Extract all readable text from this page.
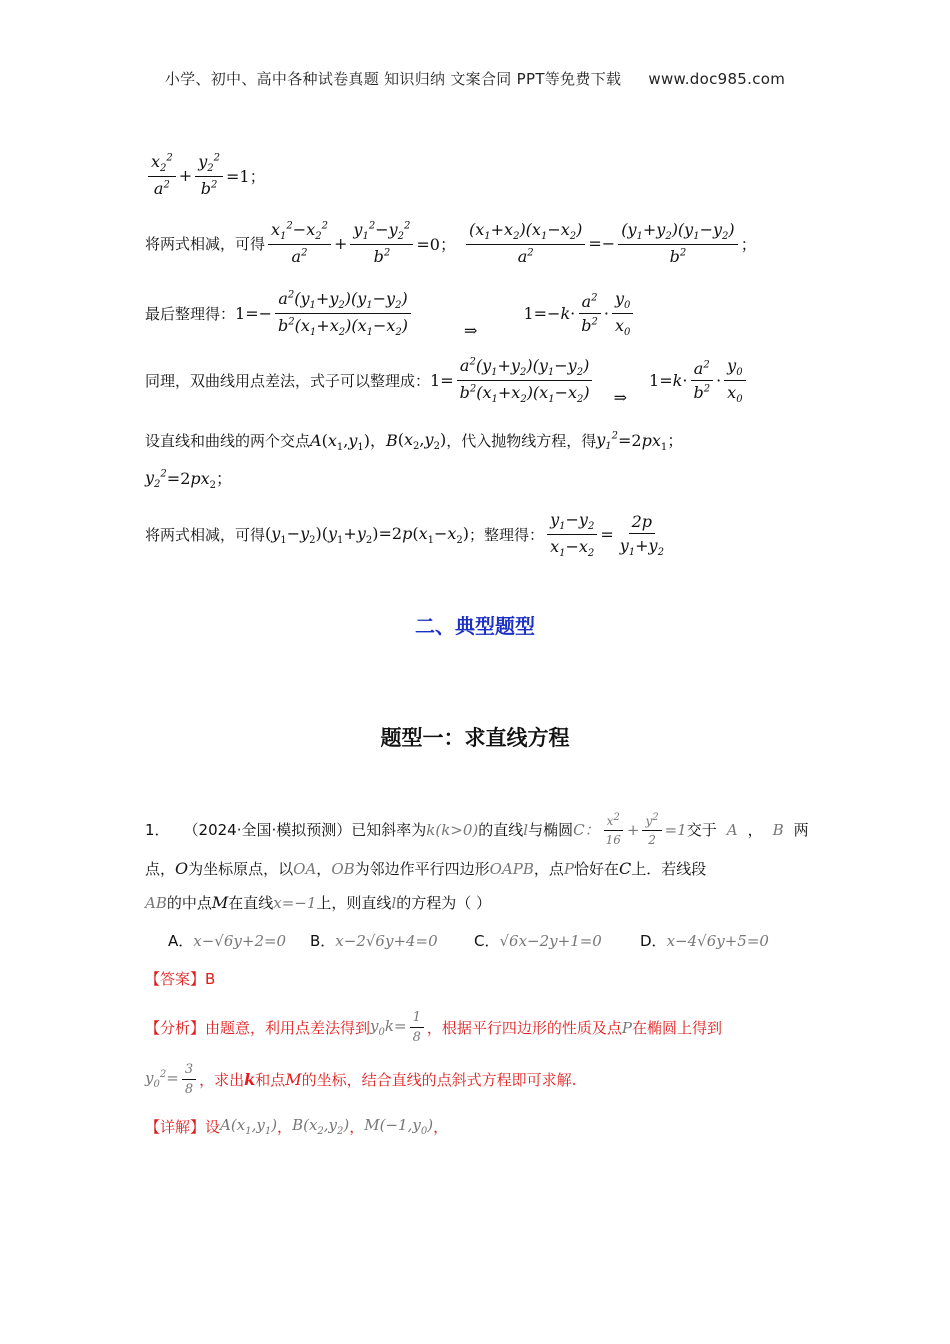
小学、初中、高中各种试卷真题 知识归纳 文案合同 PPT等免费下载 www.doc985.com
$\frac{x_2^2}{a^2} + \frac{y_2^2}{b^2} =1$；
将两式相减，可得 $\frac{x_1^2-x_2^2}{a^2} + \frac{y_1^2-y_2^2}{b^2} =0$； $\frac{(x_1+x_2)(x_1-x_2)}{a^2} =- \frac{(y_1+y_2)(y_1-y_2)}{b^2}$ ；
最后整理得： $1=- \frac{a^2(y_1+y_2)(y_1-y_2)}{b^2(x_1+x_2)(x_1-x_2)}$	⇒
$1=-k\cdot \frac{a^2}{b^2} \cdot \frac{y_0}{x_0}$
同理，双曲线用点差法，式子可以整理成： $1= \frac{a^2(y_1+y_2)(y_1-y_2)}{b^2(x_1+x_2)(x_1-x_2)}$ ⇒
$1=k\cdot \frac{a^2}{b^2} \cdot \frac{y_0}{x_0}$
设直线和曲线的两个交点 A $(x_1,y_1)$， B $(x_2,y_2)$ ，代入抛物线方程，得 $y_1^2 =2px_1$；
$y_2^2 =2px_2$；
将两式相减，可得 $(y_1-y_2)(y_1+y_2)=2p(x_1-x_2)$ ；整理得： $\frac{y_1-y_2}{x_1-x_2} = \frac{2p}{y_1+y_2}$
二、典型题型
题型一：求直线方程
1． （2024·全国·模拟预测）已知斜率为 k(k>0) 的直线 l 与椭圆 C： $\frac{x^2}{16} + \frac{y^2}{2} =1$ 交于 A ， B 两
点， O 为坐标原点，以 OA ， OB 为邻边作平行四边形 OAPB ，点 P 恰好在 C 上．若线段
AB 的中点 M 在直线 x=−1 上，则直线 l 的方程为（ ）
A． x−√6y+2=0 B． x−2√6y+4=0 C． √6x−2y+1=0	D． x−4√6y+5=0
【答案】 B
【分析】 由题意，利用点差法得到 $y_0k= \frac{1}{8}$ ，根据平行四边形的性质及点 P 在椭圆上得到
$y_0^2= \frac{3}{8}$ ，求出 k 和点 M 的坐标，结合直线的点斜式方程即可求解.
【详解】 设 $A(x_1,y_1)$ ， $B(x_2,y_2)$ ， $M(-1,y_0)$ ，
